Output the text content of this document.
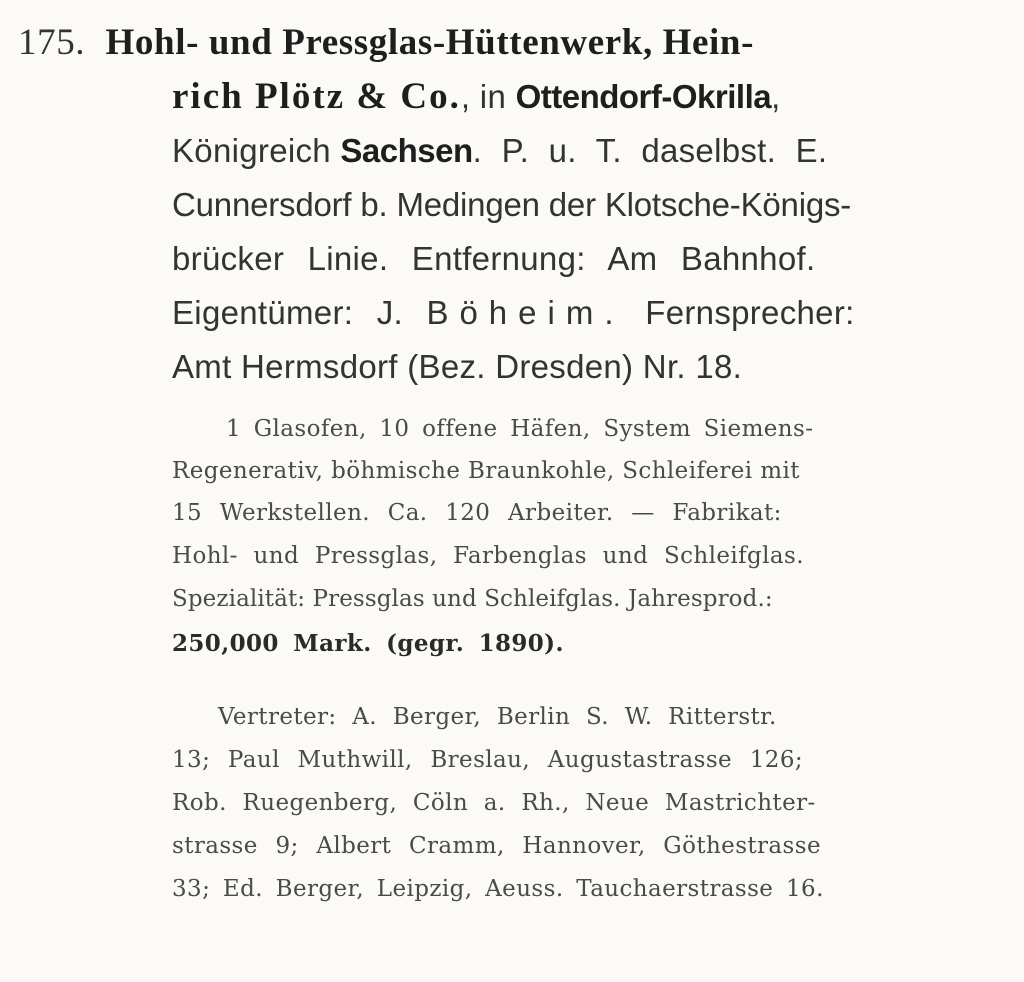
175. Hohl- und Pressglas-Hüttenwerk, Hein-
rich Plötz & Co., in Ottendorf-Okrilla,
Königreich Sachsen. P. u. T. daselbst. E.
Cunnersdorf b. Medingen der Klotsche-Königs-
brücker Linie. Entfernung: Am Bahnhof.
Eigentümer: J. Böheim. Fernsprecher:
Amt Hermsdorf (Bez. Dresden) Nr. 18.
1 Glasofen, 10 offene Häfen, System Siemens-
Regenerativ, böhmische Braunkohle, Schleiferei mit
15 Werkstellen. Ca. 120 Arbeiter. — Fabrikat:
Hohl- und Pressglas, Farbenglas und Schleifglas.
Spezialität: Pressglas und Schleifglas. Jahresprod.:
250,000 Mark. (gegr. 1890).
Vertreter: A. Berger, Berlin S. W. Ritterstr.
13; Paul Muthwill, Breslau, Augustastrasse 126;
Rob. Ruegenberg, Cöln a. Rh., Neue Mastrichter-
strasse 9; Albert Cramm, Hannover, Göthestrasse
33; Ed. Berger, Leipzig, Aeuss. Tauchaerstrasse 16.
